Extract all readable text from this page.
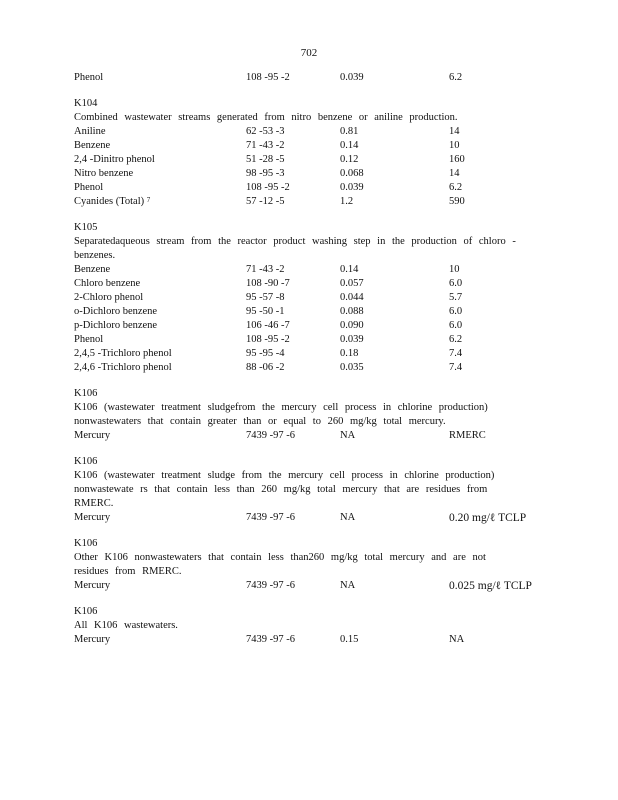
702
Phenol	108 -95 -2	0.039	6.2
K104
Combined wastewater streams generated from nitro benzene or aniline production.
Aniline	62 -53 -3	0.81	14
Benzene	71 -43 -2	0.14	10
2,4 -Dinitro phenol	51 -28 -5	0.12	160
Nitro benzene	98 -95 -3	0.068	14
Phenol	108 -95 -2	0.039	6.2
Cyanides (Total) $^7$	57 -12 -5	1.2	590
K105
Separatedaqueous stream from the reactor product washing step in the production of chloro - benzenes.
Benzene	71 -43 -2	0.14	10
Chloro benzene	108 -90 -7	0.057	6.0
2-Chloro phenol	95 -57 -8	0.044	5.7
o-Dichloro benzene	95 -50 -1	0.088	6.0
p-Dichloro benzene	106 -46 -7	0.090	6.0
Phenol	108 -95 -2	0.039	6.2
2,4,5 -Trichloro phenol	95 -95 -4	0.18	7.4
2,4,6 -Trichloro phenol	88 -06 -2	0.035	7.4
K106
K106 (wastewater treatment sludgefrom the mercury cell process in chlorine production) nonwastewaters that contain greater than or equal to 260 mg/kg total mercury.
Mercury	7439 -97 -6	NA	RMERC
K106
K106 (wastewater treatment sludge from the mercury cell process in chlorine production) nonwastewate rs that contain less than 260 mg/kg total mercury that are residues from RMERC.
Mercury	7439 -97 -6	NA	0.20 mg/ℓ TCLP
K106
Other K106 nonwastewaters that contain less than260 mg/kg total mercury and are not residues from RMERC.
Mercury	7439 -97 -6	NA	0.025 mg/ℓ TCLP
K106
All K106 wastewaters.
Mercury	7439 -97 -6	0.15	NA
